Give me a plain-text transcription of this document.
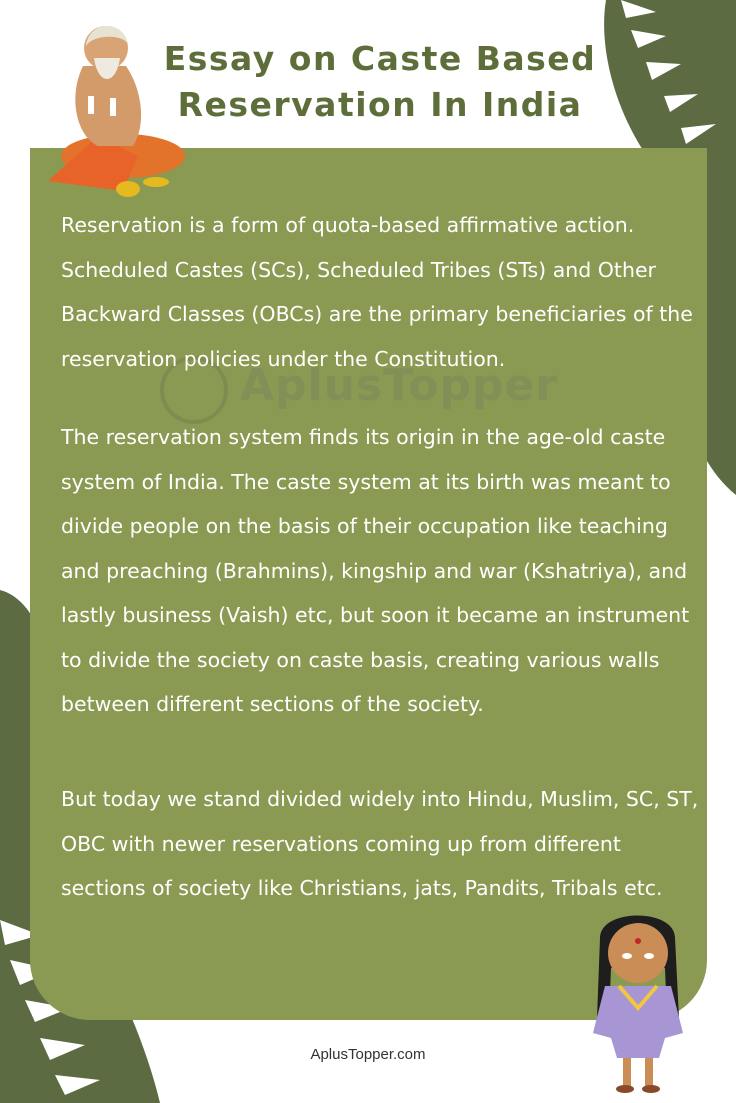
AplusTopper
Essay on Caste Based
Reservation In India

Reservation is a form of quota-based affirmative action. Scheduled Castes (SCs), Scheduled Tribes (STs) and Other Backward Classes (OBCs) are the primary beneficiaries of the reservation policies under the Constitution.

The reservation system finds its origin in the age-old caste system of India. The caste system at its birth was meant to divide people on the basis of their occupation like teaching and preaching (Brahmins), kingship and war (Kshatriya), and lastly business (Vaish) etc, but soon it became an instrument to divide the society on caste basis, creating various walls between different sections of the society.

But today we stand divided widely into Hindu, Muslim, SC, ST, OBC with newer reservations coming up from different sections of society like Christians, jats, Pandits, Tribals etc.

AplusTopper.com
